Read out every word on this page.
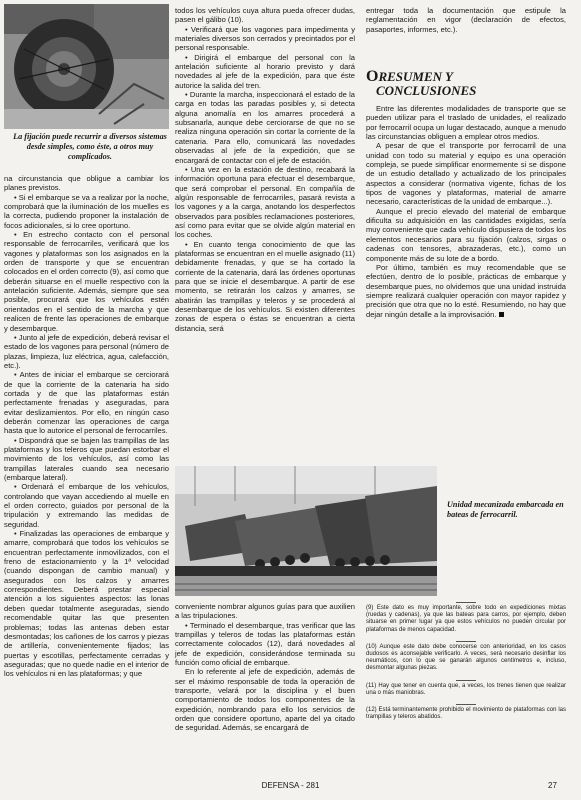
La fijación puede recurrir a diversos sistemas desde simples, como éste, a otros muy complicados.

na circunstancia que obligue a cambiar los planes previstos.

• Si el embarque se va a realizar por la noche, comprobará que la iluminación de los muelles es la correcta, pudiendo proponer la instalación de focos adicionales, si lo cree oportuno.

• En estrecho contacto con el personal responsable de ferrocarriles, verificará que los vagones y plataformas son los asignados en la orden de transporte y que se encuentran colocados en el orden correcto (9), así como que deberán situarse en el muelle respectivo con la antelación suficiente. Además, siempre que sea posible, procurará que los vehículos estén orientados en el sentido de la marcha y que realicen de frente las operaciones de embarque y desembarque.

• Junto al jefe de expedición, deberá revisar el estado de los vagones para personal (número de plazas, limpieza, luz eléctrica, agua, calefacción, etc.).

• Antes de iniciar el embarque se cerciorará de que la corriente de la catenaria ha sido cortada y de que las plataformas están perfectamente frenadas y aseguradas, para evitar deslizamientos. Por ello, en ningún caso deberán comenzar las operaciones de carga hasta que lo autorice el personal de ferrocarriles.

• Dispondrá que se bajen las trampillas de las plataformas y los teleros que puedan estorbar el movimiento de los vehículos, así como las trampillas laterales cuando sea necesario (embarque lateral).

• Ordenará el embarque de los vehículos, controlando que vayan accediendo al muelle en el orden correcto, guiados por personal de la tripulación y extremando las medidas de seguridad.

• Finalizadas las operaciones de embarque y amarre, comprobará que todos los vehículos se encuentran perfectamente inmovilizados, con el freno de estacionamiento y la 1ª velocidad (cuando dispongan de cambio manual) y asegurados con los calzos y amarres correspondientes. Deberá prestar especial atención a los siguientes aspectos: las lonas deben quedar totalmente aseguradas, siendo recomendable quitar las que presenten problemas; todas las antenas deben estar desmontadas; los cañones de los carros y piezas de artillería, convenientemente fijados; las puertas y escotillas, perfectamente cerradas y aseguradas; que no quede nadie en el interior de los vehículos ni en las plataformas; y que

todos los vehículos cuya altura pueda ofrecer dudas, pasen el gálibo (10).

• Verificará que los vagones para impedimenta y materiales diversos son cerrados y precintados por el personal responsable.

• Dirigirá el embarque del personal con la antelación suficiente al horario previsto y dará novedades al jefe de la expedición, para que éste autorice la salida del tren.

• Durante la marcha, inspeccionará el estado de la carga en todas las paradas posibles y, si detecta alguna anomalía en los amarres procederá a subsanarla, aunque debe cerciorarse de que no se realiza ninguna operación sin cortar la corriente de la catenaria. Para ello, comunicará las novedades observadas al jefe de la expedición, que se encargará de contactar con el jefe de estación.

• Una vez en la estación de destino, recabará la información oportuna para efectuar el desembarque, que será comprobar el personal. En compañía de algún responsable de ferrocarriles, pasará revista a los vagones y a la carga, anotando los desperfectos observados para posibles reclamaciones posteriores, así como para evitar que se olvide algún material en los coches.

• En cuanto tenga conocimiento de que las plataformas se encuentran en el muelle asignado (11) debidamente frenadas, y que se ha cortado la corriente de la catenaria, dará las órdenes oportunas para que se inicie el desembarque. A partir de ese momento, se retirarán los calzos y amarres, se abatirán las trampillas y teleros y se procederá al desembarque de los vehículos. Si existen diferentes zonas de espera o éstas se encuentran a cierta distancia, será

entregar toda la documentación que estipule la reglamentación en vigor (declaración de efectos, pasaportes, informes, etc.).

ORESUMEN Y
CONCLUSIONES

Entre las diferentes modalidades de transporte que se pueden utilizar para el traslado de unidades, el realizado por ferrocarril ocupa un lugar destacado, aunque a menudo las circunstancias obliguen a emplear otros medios.

A pesar de que el transporte por ferrocarril de una unidad con todo su material y equipo es una operación compleja, se puede simplificar enormemente si se dispone de un estudio detallado y actualizado de los principales aspectos a considerar (normativa vigente, fichas de los tipos de vagones y plataformas, material de amarre necesario, características de la unidad de embarque...).

Aunque el precio elevado del material de embarque dificulta su adquisición en las cantidades exigidas, sería muy conveniente que cada vehículo dispusiera de todos los elementos necesarios para su fijación (calzos, sirgas o cadenas con tensores, abrazaderas, etc.), como un componente más de su lote de a bordo.

Por último, también es muy recomendable que se efectúen, dentro de lo posible, prácticas de embarque y desembarque pues, no olvidemos que una unidad instruida siempre realizará cualquier operación con mayor rapidez y precisión que otra que no lo esté. Resumiendo, no hay que dejar ningún detalle a la improvisación.

Unidad mecanizada embarcada en bateas de ferrocarril.

conveniente nombrar algunos guías para que auxilien a las tripulaciones.

• Terminado el desembarque, tras verificar que las trampillas y teleros de todas las plataformas están correctamente colocados (12), dará novedades al jefe de expedición, considerándose terminada su función como oficial de embarque.

En lo referente al jefe de expedición, además de ser el máximo responsable de toda la operación de transporte, velará por la disciplina y el buen comportamiento de todos los componentes de la expedición, nombrando para ello los servicios de orden que considere oportuno, aparte del ya citado de seguridad. Además, se encargará de

(9) Este dato es muy importante, sobre todo en expediciones mixtas (ruedas y cadenas), ya que las bateas para carros, por ejemplo, deben situarse en primer lugar ya que estos vehículos no pueden circular por plataformas de menos capacidad.

(10) Aunque este dato debe conocerse con anterioridad, en los casos dudosos es aconsejable verificarlo. A veces, será necesario desinflar los neumáticos, con lo que se ganarán algunos centímetros e, incluso, desmontar algunas piezas.

(11) Hay que tener en cuenta que, a veces, los trenes tienen que realizar una o más maniobras.

(12) Está terminantemente prohibido el movimiento de plataformas con las trampillas y teleros abatidos.

DEFENSA - 281	27
